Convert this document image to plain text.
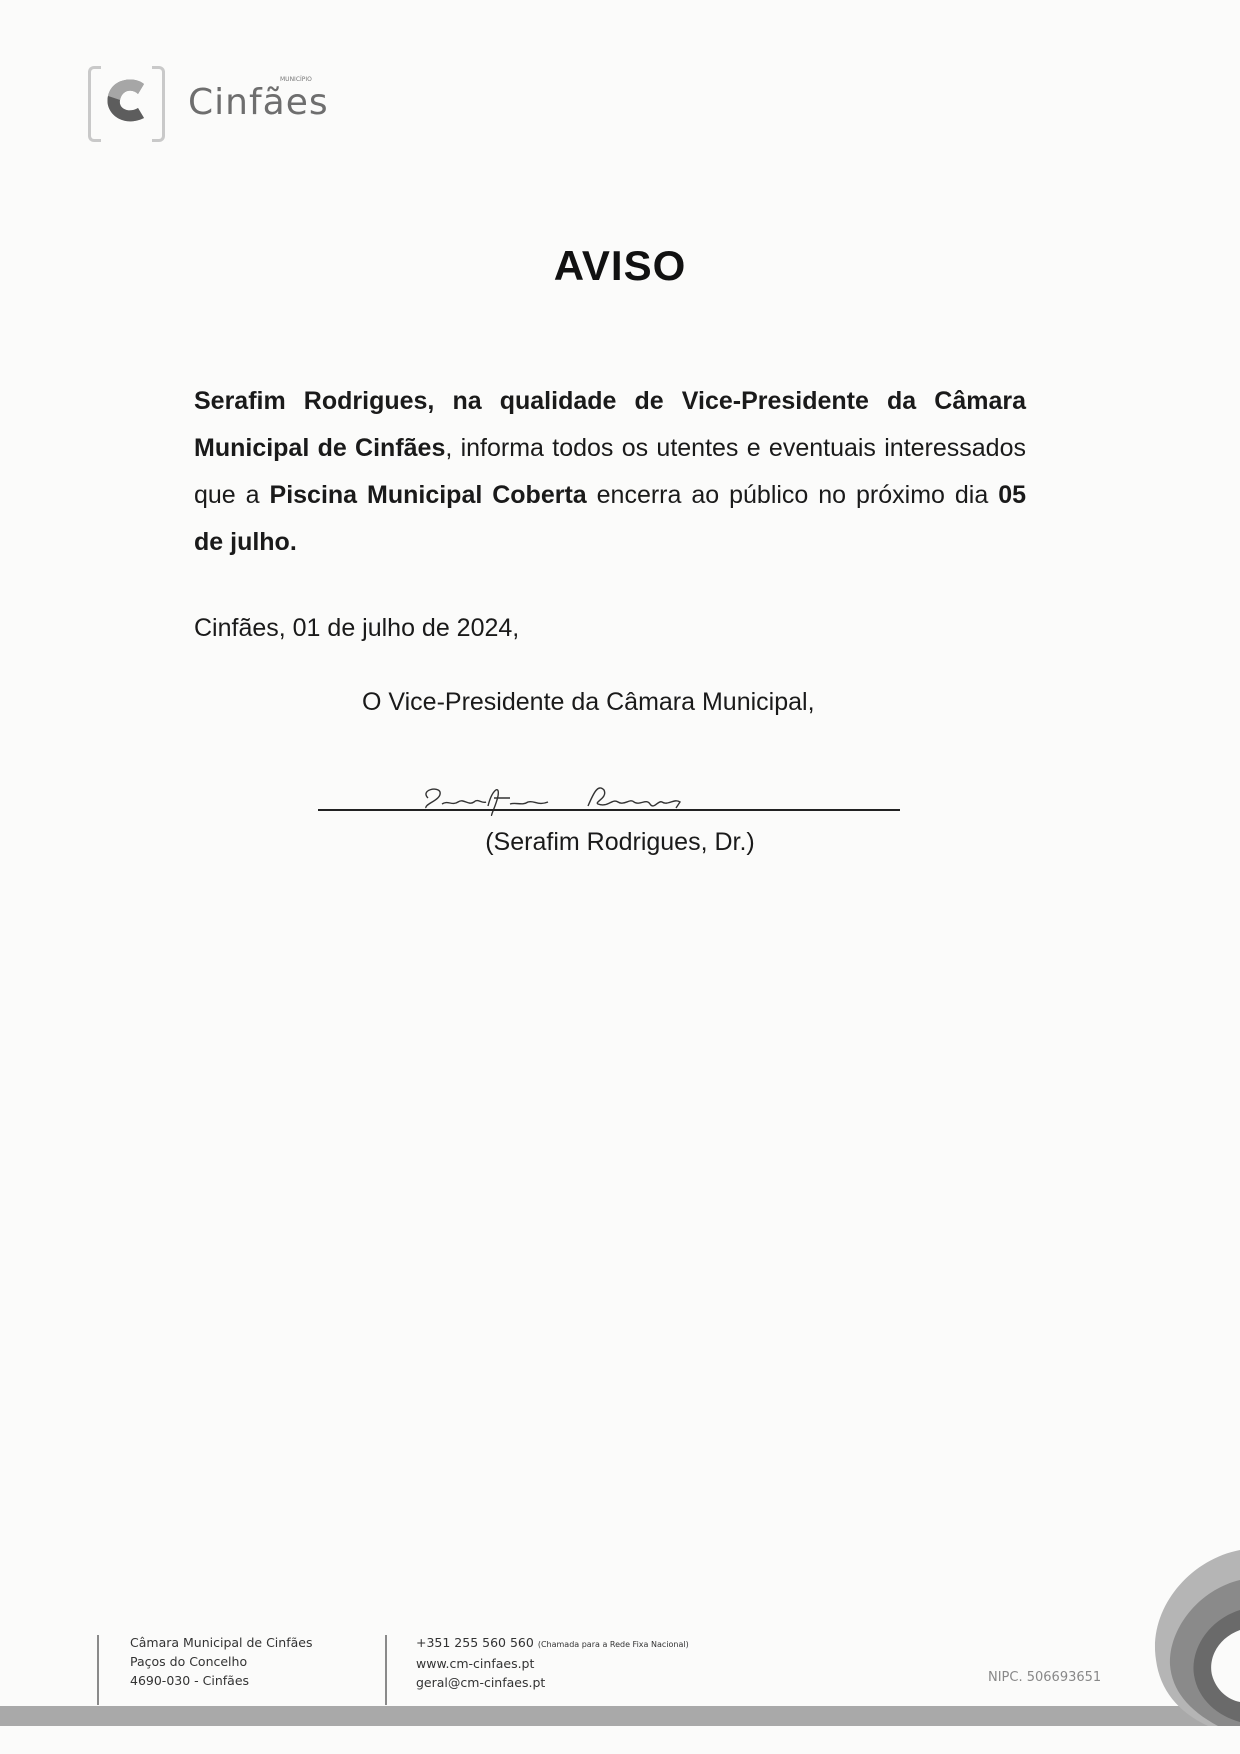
MUNICÍPIO
Cinfães
AVISO
Serafim Rodrigues, na qualidade de Vice-Presidente da Câmara Municipal de Cinfães, informa todos os utentes e eventuais interessados que a Piscina Municipal Coberta encerra ao público no próximo dia 05 de julho.
Cinfães, 01 de julho de 2024,
O Vice-Presidente da Câmara Municipal,
(Serafim Rodrigues, Dr.)
Câmara Municipal de Cinfães
Paços do Concelho
4690-030 - Cinfães
+351 255 560 560 (Chamada para a Rede Fixa Nacional)
www.cm-cinfaes.pt
geral@cm-cinfaes.pt	NIPC. 506693651
